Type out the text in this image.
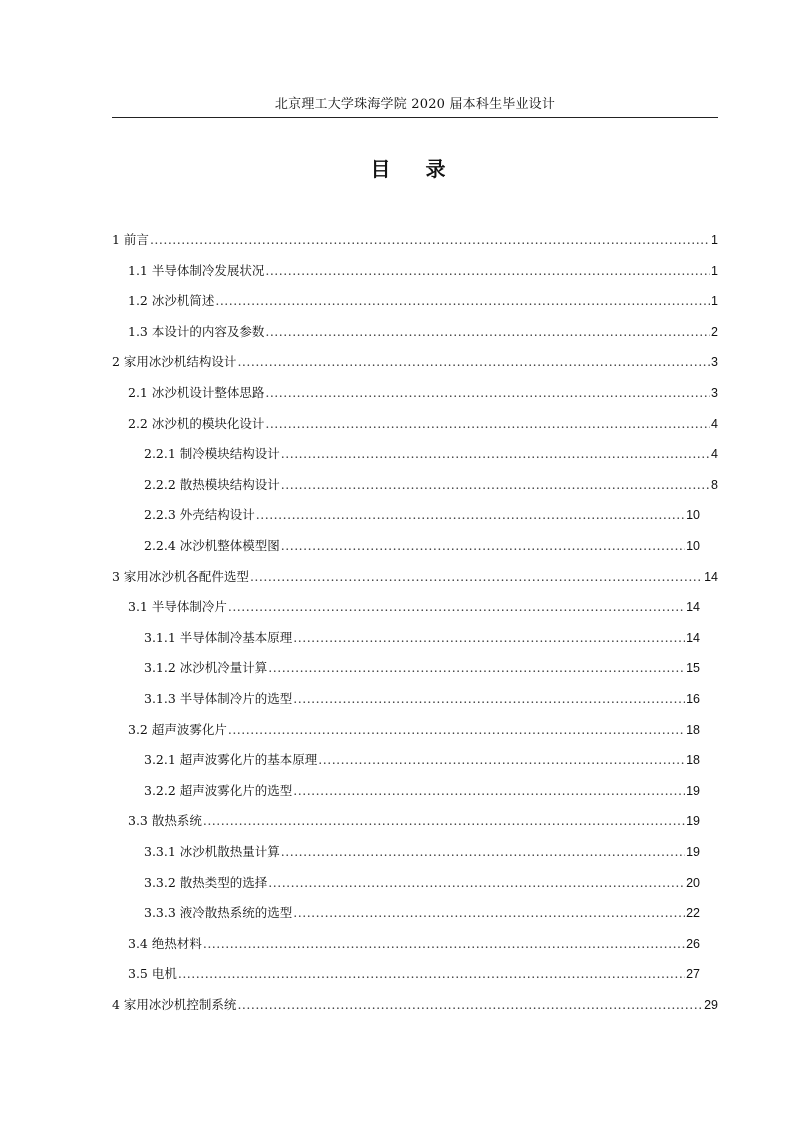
北京理工大学珠海学院 2020 届本科生毕业设计
目 录
1 前言 .....	1
1.1 半导体制冷发展状况 .....	1
1.2 冰沙机简述 .....	1
1.3 本设计的内容及参数 .....	2
2 家用冰沙机结构设计 .....	3
2.1 冰沙机设计整体思路 .....	3
2.2 冰沙机的模块化设计 .....	4
2.2.1 制冷模块结构设计 .....	4
2.2.2 散热模块结构设计 .....	8
2.2.3 外壳结构设计 .....	10
2.2.4 冰沙机整体模型图 .....	10
3 家用冰沙机各配件选型 .....	14
3.1 半导体制冷片 .....	14
3.1.1 半导体制冷基本原理 .....	14
3.1.2 冰沙机冷量计算 .....	15
3.1.3 半导体制冷片的选型 .....	16
3.2 超声波雾化片 .....	18
3.2.1 超声波雾化片的基本原理 .....	18
3.2.2 超声波雾化片的选型 .....	19
3.3 散热系统 .....	19
3.3.1 冰沙机散热量计算 .....	19
3.3.2 散热类型的选择 .....	20
3.3.3 液冷散热系统的选型 .....	22
3.4 绝热材料 .....	26
3.5 电机 .....	27
4 家用冰沙机控制系统 .....	29
